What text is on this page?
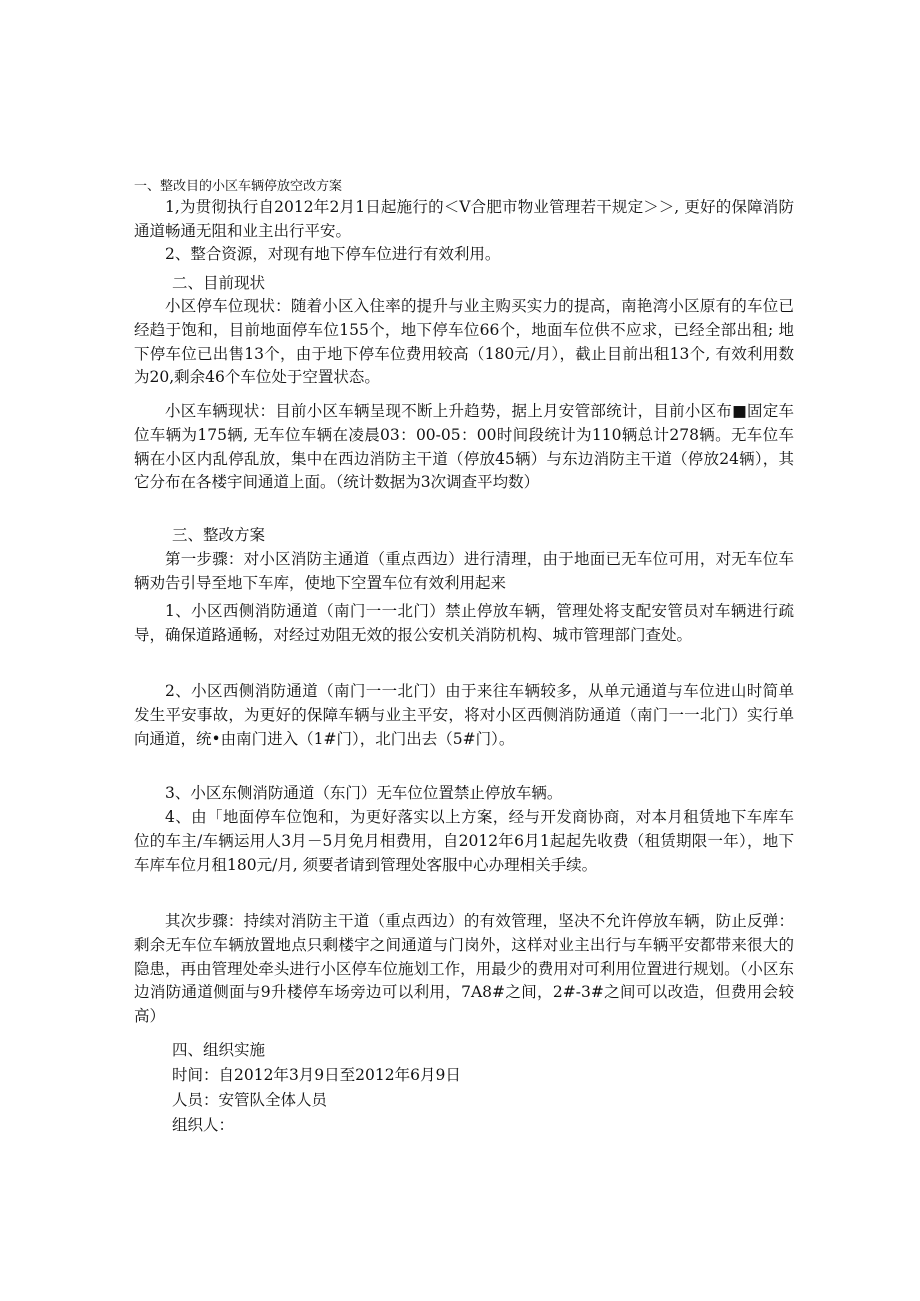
一、整改目的小区车辆停放空改方案

1,为贯彻执行自2012年2月1日起施行的＜V合肥市物业管理若干规定＞＞, 更好的保障消防通道畅通无阻和业主出行平安。

2、整合资源，对现有地下停车位进行有效利用。

二、目前现状

小区停车位现状：随着小区入住率的提升与业主购买实力的提高，南艳湾小区原有的车位已经趋于饱和，目前地面停车位155个，地下停车位66个，地面车位供不应求，已经全部出租; 地下停车位已出售13个，由于地下停车位费用较高（180元/月），截止目前出租13个, 有效利用数为20,剩余46个车位处于空置状态。

小区车辆现状：目前小区车辆呈现不断上升趋势，据上月安管部统计，目前小区布■固定车位车辆为175辆, 无车位车辆在凌晨03：00-05：00时间段统计为110辆总计278辆。无车位车辆在小区内乱停乱放，集中在西边消防主干道（停放45辆）与东边消防主干道（停放24辆），其它分布在各楼宇间通道上面。（统计数据为3次调查平均数）

三、整改方案

第一步骤：对小区消防主通道（重点西边）进行清理，由于地面已无车位可用，对无车位车辆劝告引导至地下车库，使地下空置车位有效利用起来

1、小区西侧消防通道（南门一一北门）禁止停放车辆，管理处将支配安管员对车辆进行疏导，确保道路通畅，对经过劝阻无效的报公安机关消防机构、城市管理部门查处。

2、小区西侧消防通道（南门一一北门）由于来往车辆较多，从单元通道与车位进山时简单发生平安事故，为更好的保障车辆与业主平安，将对小区西侧消防通道（南门一一北门）实行单向通道，统•由南门进入（1#门），北门出去（5#门）。

3、小区东侧消防通道（东门）无车位位置禁止停放车辆。

4、由「地面停车位饱和，为更好落实以上方案，经与开发商协商，对本月租赁地下车库车位的车主/车辆运用人3月－5月免月相费用，自2012年6月1起起先收费（租赁期限一年），地下车库车位月租180元/月, 须要者请到管理处客服中心办理相关手续。

其次步骤：持续对消防主干道（重点西边）的有效管理，坚决不允许停放车辆，防止反弹：剩余无车位车辆放置地点只剩楼宇之间通道与门岗外，这样对业主出行与车辆平安都带来很大的隐患，再由管理处牵头进行小区停车位施划工作，用最少的费用对可利用位置进行规划。（小区东边消防通道侧面与9升楼停车场旁边可以利用，7A8#之间，2#-3#之间可以改造，但费用会较高）

四、组织实施
时间：自2012年3月9日至2012年6月9日
人员：安管队全体人员
组织人：
